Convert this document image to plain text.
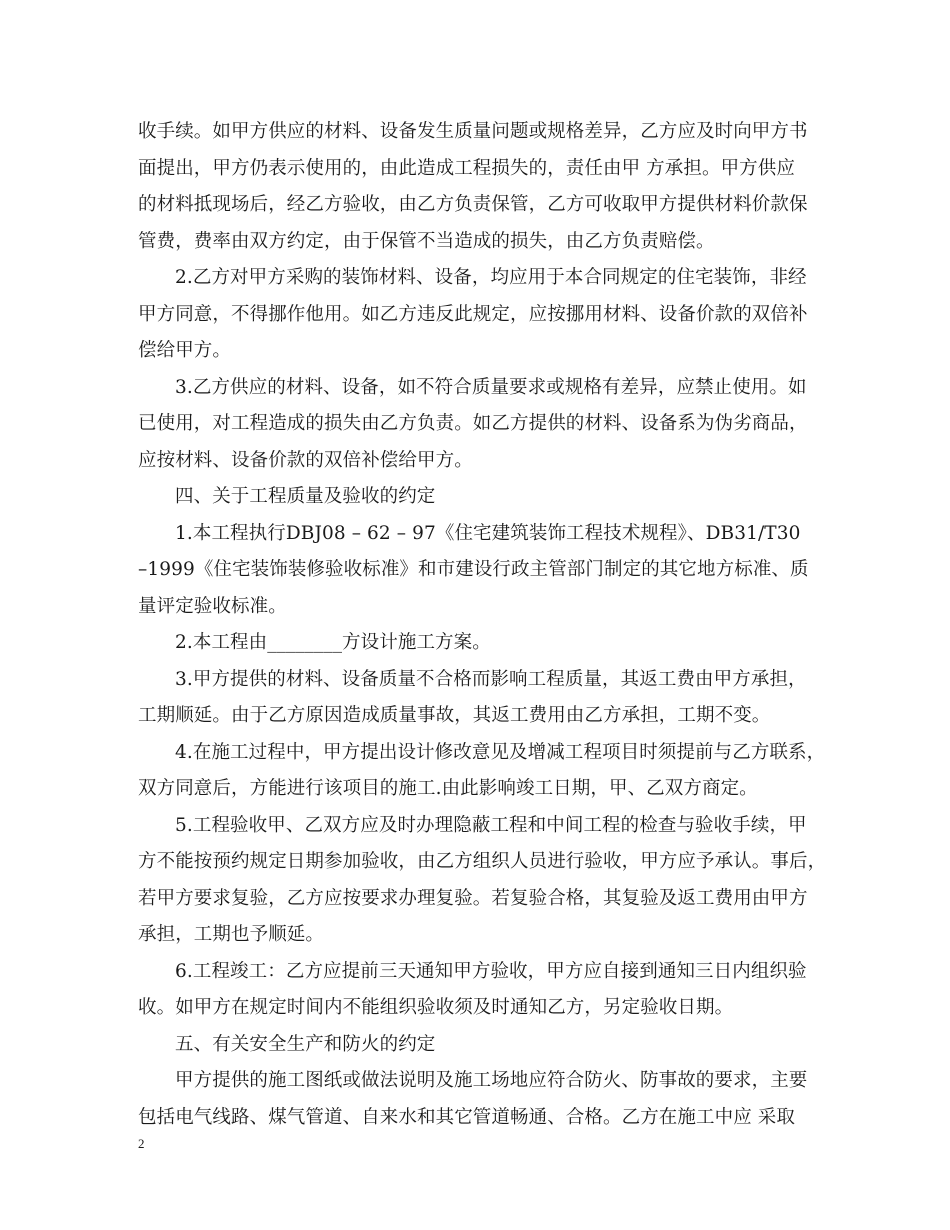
收手续。如甲方供应的材料、设备发生质量问题或规格差异，乙方应及时向甲方书
面提出，甲方仍表示使用的，由此造成工程损失的，责任由甲 方承担。甲方供应
的材料抵现场后，经乙方验收，由乙方负责保管，乙方可收取甲方提供材料价款保
管费，费率由双方约定，由于保管不当造成的损失，由乙方负责赔偿。
2.乙方对甲方采购的装饰材料、设备，均应用于本合同规定的住宅装饰，非经
甲方同意，不得挪作他用。如乙方违反此规定，应按挪用材料、设备价款的双倍补
偿给甲方。
3.乙方供应的材料、设备，如不符合质量要求或规格有差异，应禁止使用。如
已使用，对工程造成的损失由乙方负责。如乙方提供的材料、设备系为伪劣商品，
应按材料、设备价款的双倍补偿给甲方。
四、关于工程质量及验收的约定
1.本工程执行DBJ08 – 62 – 97《住宅建筑装饰工程技术规程》、DB31/T30
–1999《住宅装饰装修验收标准》和市建设行政主管部门制定的其它地方标准、质
量评定验收标准。
2.本工程由________方设计施工方案。
3.甲方提供的材料、设备质量不合格而影响工程质量，其返工费由甲方承担，
工期顺延。由于乙方原因造成质量事故，其返工费用由乙方承担，工期不变。
4.在施工过程中，甲方提出设计修改意见及增减工程项目时须提前与乙方联系，
双方同意后，方能进行该项目的施工.由此影响竣工日期，甲、乙双方商定。
5.工程验收甲、乙双方应及时办理隐蔽工程和中间工程的检查与验收手续，甲
方不能按预约规定日期参加验收，由乙方组织人员进行验收，甲方应予承认。事后，
若甲方要求复验，乙方应按要求办理复验。若复验合格，其复验及返工费用由甲方
承担，工期也予顺延。
6.工程竣工：乙方应提前三天通知甲方验收，甲方应自接到通知三日内组织验
收。如甲方在规定时间内不能组织验收须及时通知乙方，另定验收日期。
五、有关安全生产和防火的约定
甲方提供的施工图纸或做法说明及施工场地应符合防火、防事故的要求，主要
包括电气线路、煤气管道、自来水和其它管道畅通、合格。乙方在施工中应 采取
2
